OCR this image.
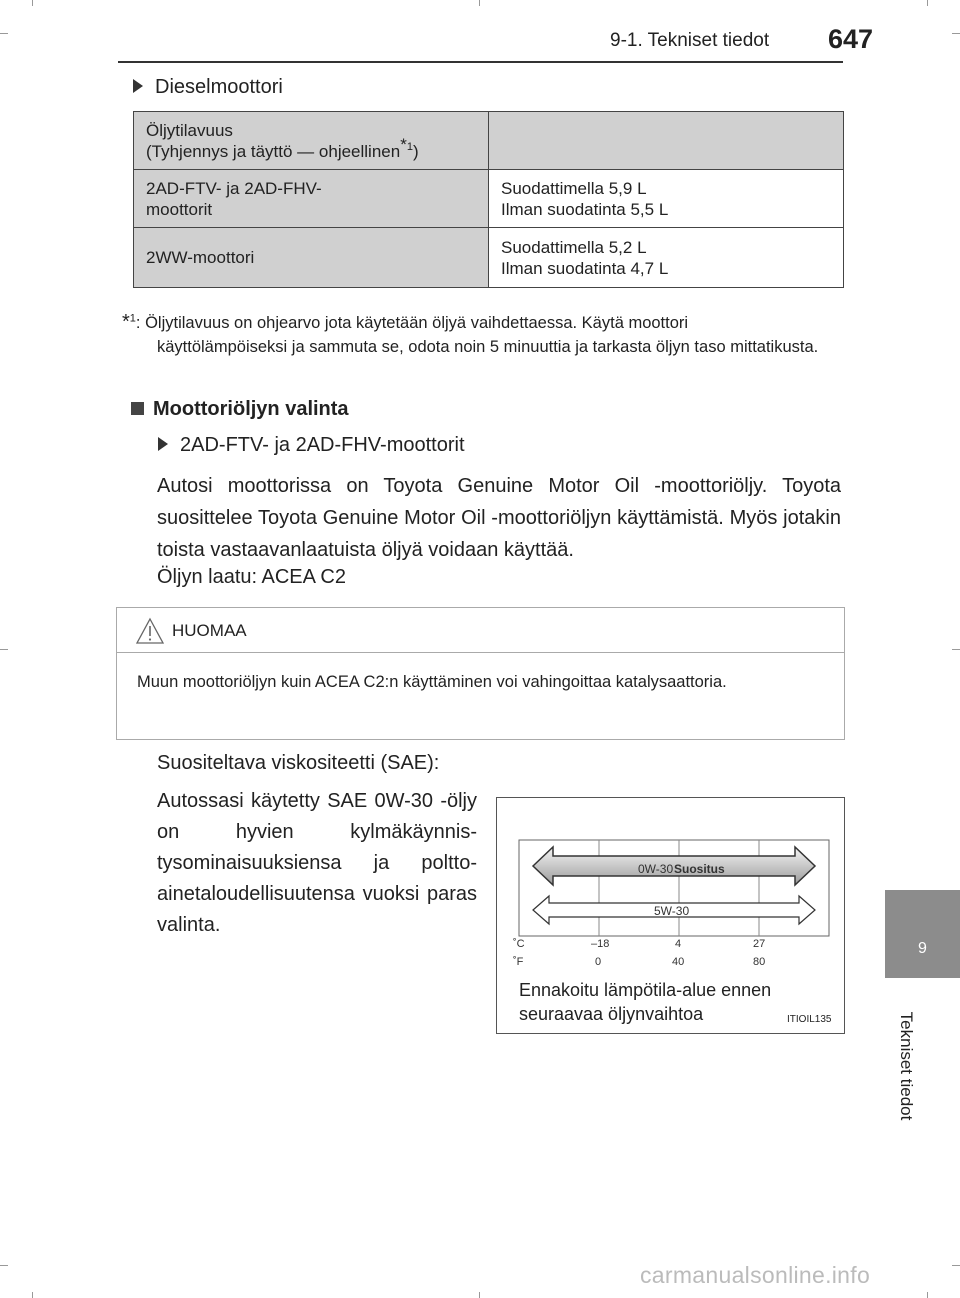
9-1. Tekniset tiedot 647
Dieselmoottori
Öljytilavuus
(Tyhjennys ja täyttö — ohjeellinen$^{*1}$)	
2AD-FTV- ja 2AD-FHV-
moottorit	Suodattimella 5,9 L
Ilman suodatinta 5,5 L
2WW-moottori	Suodattimella 5,2 L
Ilman suodatinta 4,7 L
*$^1$: Öljytilavuus on ohjearvo jota käytetään öljyä vaihdettaessa. Käytä moottori
käyttölämpöiseksi ja sammuta se, odota noin 5 minuuttia ja tarkasta öljyn taso mittatikusta.
Moottoriöljyn valinta
2AD-FTV- ja 2AD-FHV-moottorit
Autosi moottorissa on Toyota Genuine Motor Oil -moottoriöljy. Toyota suosittelee Toyota Genuine Motor Oil -moottoriöljyn käyttämistä. Myös jotakin toista vastaavanlaatuista öljyä voidaan käyttää.
Öljyn laatu: ACEA C2
HUOMAA
Muun moottoriöljyn kuin ACEA C2:n käyttäminen voi vahingoittaa katalysaattoria.
Suositeltava viskositeetti (SAE):
Autossasi käytetty SAE 0W-30 -öljy on hyvien kylmäkäynnistysominaisuuksiensa ja polttoainetaloudellisuutensa vuoksi paras valinta.
0W-30 Suositus
5W-30
˚C
˚F
–18	4	27
0	40	80
Ennakoitu lämpötila-alue ennen
seuraavaa öljynvaihtoa	ITIOIL135
9
Tekniset tiedot
carmanualsonline.info
